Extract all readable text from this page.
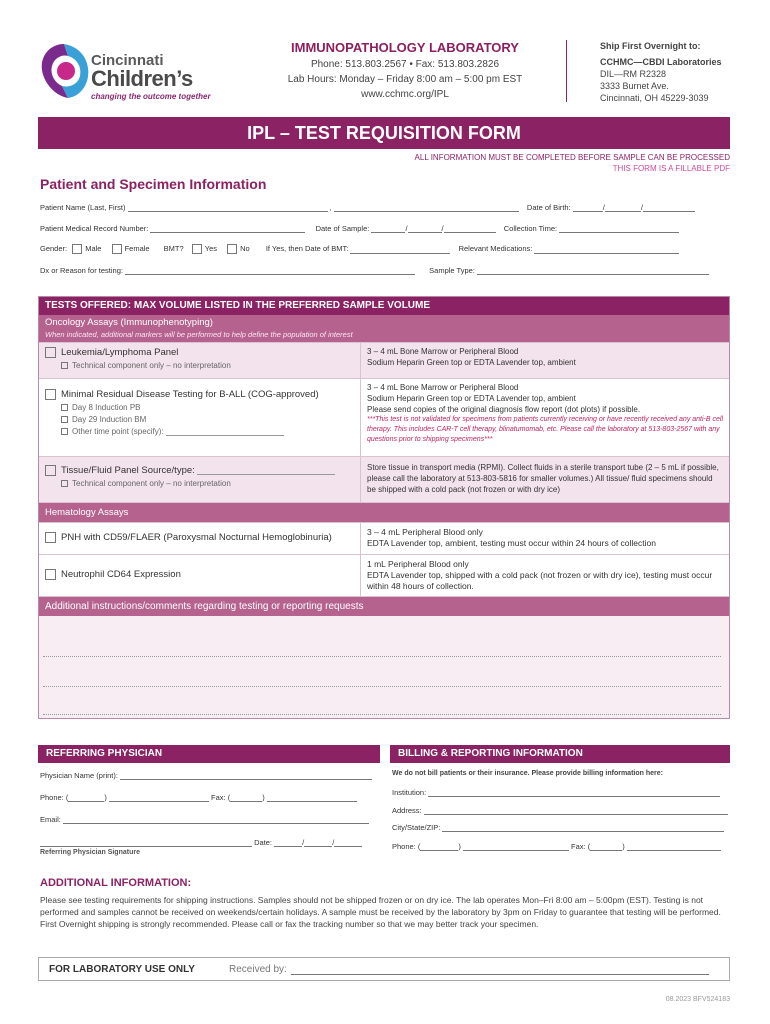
Cincinnati
Children’s
changing the outcome together
IMMUNOPATHOLOGY LABORATORY
Phone: 513.803.2567 • Fax: 513.803.2826
Lab Hours: Monday – Friday 8:00 am – 5:00 pm EST
www.cchmc.org/IPL
Ship First Overnight to:
CCHMC—CBDI Laboratories
DIL—RM R2328
3333 Burnet Ave.
Cincinnati, OH 45229-3039
IPL – TEST REQUISITION FORM
ALL INFORMATION MUST BE COMPLETED BEFORE SAMPLE CAN BE PROCESSED
THIS FORM IS A FILLABLE PDF
Patient and Specimen Information
Patient Name (Last, First)	,	Date of Birth:	/	/
Patient Medical Record Number:	Date of Sample:	/	/	Collection Time:
Gender: Male	Female BMT?	Yes	No If Yes, then Date of BMT:	Relevant Medications:
Dx or Reason for testing:	Sample Type:
TESTS OFFERED: MAX VOLUME LISTED IN THE PREFERRED SAMPLE VOLUME
Oncology Assays (Immunophenotyping)
When indicated, additional markers will be performed to help define the population of interest
Leukemia/Lymphoma Panel
Technical component only – no interpretation
3 – 4 mL Bone Marrow or Peripheral Blood
Sodium Heparin Green top or EDTA Lavender top, ambient
Minimal Residual Disease Testing for B-ALL (COG-approved)
Day 8 Induction PB
Day 29 Induction BM
Other time point (specify):
3 – 4 mL Bone Marrow or Peripheral Blood
Sodium Heparin Green top or EDTA Lavender top, ambient
Please send copies of the original diagnosis flow report (dot plots) if possible.
***This test is not validated for specimens from patients currently receiving or have recently received any anti-B cell therapy. This includes CAR-T cell therapy, blinatumomab, etc. Please call the laboratory at 513-803-2567 with any questions prior to shipping specimens***
Tissue/Fluid Panel Source/type:
Technical component only – no interpretation
Store tissue in transport media (RPMI). Collect fluids in a sterile transport tube (2 – 5 mL if possible, please call the laboratory at 513-803-5816 for smaller volumes.) All tissue/ fluid specimens should be shipped with a cold pack (not frozen or with dry ice)
Hematology Assays
PNH with CD59/FLAER (Paroxysmal Nocturnal Hemoglobinuria)	3 – 4 mL Peripheral Blood only
EDTA Lavender top, ambient, testing must occur within 24 hours of collection
Neutrophil CD64 Expression
1 mL Peripheral Blood only
EDTA Lavender top, shipped with a cold pack (not frozen or with dry ice), testing must occur within 48 hours of collection.
Additional instructions/comments regarding testing or reporting requests
REFERRING PHYSICIAN	BILLING & REPORTING INFORMATION
Physician Name (print):
Phone: (	)	Fax: (	)
Email:
Date:	/	/
Referring Physician Signature
We do not bill patients or their insurance. Please provide billing information here:
Institution:
Address:
City/State/ZIP:
Phone: (	)	Fax: (	)
ADDITIONAL INFORMATION:
Please see testing requirements for shipping instructions. Samples should not be shipped frozen or on dry ice. The lab operates Mon–Fri 8:00 am – 5:00pm (EST). Testing is not performed and samples cannot be received on weekends/certain holidays. A sample must be received by the laboratory by 3pm on Friday to guarantee that testing will be performed. First Overnight shipping is strongly recommended. Please call or fax the tracking number so that we may better track your specimen.
FOR LABORATORY USE ONLY	Received by:
08.2023 BFV524183
